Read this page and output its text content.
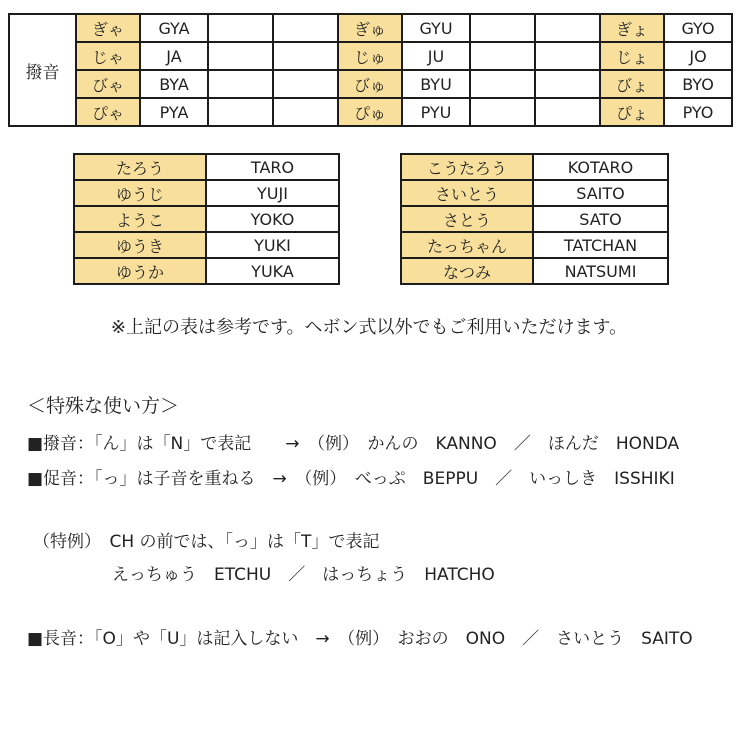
撥音	ぎゃ	GYA			ぎゅ	GYU			ぎょ	GYO
	じゃ	JA			じゅ	JU			じょ	JO
	びゃ	BYA			びゅ	BYU			びょ	BYO
	ぴゃ	PYA			ぴゅ	PYU			ぴょ	PYO
たろう	TARO
ゆうじ	YUJI
ようこ	YOKO
ゆうき	YUKI
ゆうか	YUKA
こうたろう	KOTARO
さいとう	SAITO
さとう	SATO
たっちゃん	TATCHAN
なつみ	NATSUMI
※上記の表は参考です。ヘボン式以外でもご利用いただけます。
＜特殊な使い方＞
■撥音：「ん」は「N」で表記　　→　（例）　かんの　KANNO　／　ほんだ　HONDA
■促音：「っ」は子音を重ねる　→　（例）　べっぷ　BEPPU　／　いっしき　ISSHIKI
（特例）　CH の前では、「っ」は「T」で表記
えっちゅう　ETCHU　／　はっちょう　HATCHO
■長音：「O」や「U」は記入しない　→　（例）　おおの　ONO　／　さいとう　SAITO
